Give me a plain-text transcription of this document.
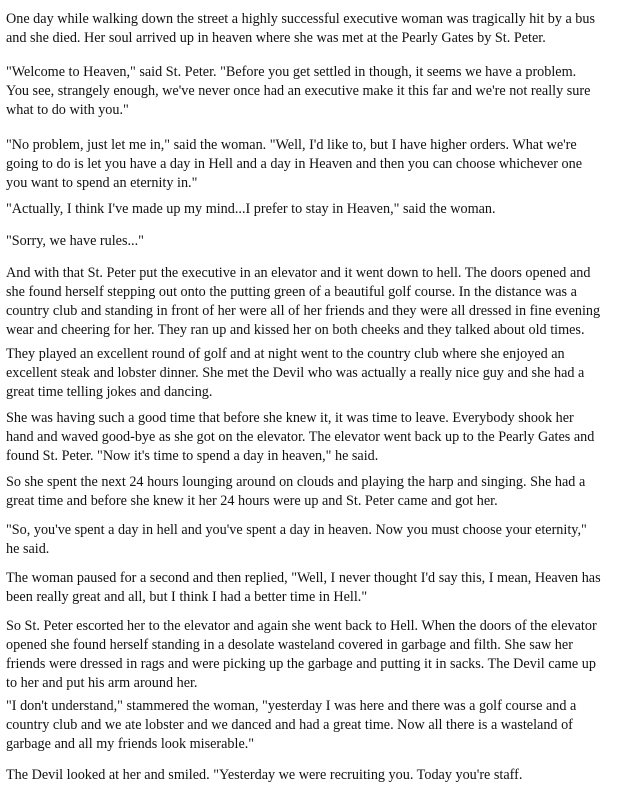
One day while walking down the street a highly successful executive woman was tragically hit by a bus
and she died. Her soul arrived up in heaven where she was met at the Pearly Gates by St. Peter.

"Welcome to Heaven," said St. Peter. "Before you get settled in though, it seems we have a problem.
You see, strangely enough, we've never once had an executive make it this far and we're not really sure
what to do with you."

"No problem, just let me in," said the woman. "Well, I'd like to, but I have higher orders. What we're
going to do is let you have a day in Hell and a day in Heaven and then you can choose whichever one
you want to spend an eternity in."

"Actually, I think I've made up my mind...I prefer to stay in Heaven," said the woman.

"Sorry, we have rules..."

And with that St. Peter put the executive in an elevator and it went down to hell. The doors opened and
she found herself stepping out onto the putting green of a beautiful golf course. In the distance was a
country club and standing in front of her were all of her friends and they were all dressed in fine evening
wear and cheering for her. They ran up and kissed her on both cheeks and they talked about old times.

They played an excellent round of golf and at night went to the country club where she enjoyed an
excellent steak and lobster dinner. She met the Devil who was actually a really nice guy and she had a
great time telling jokes and dancing.

She was having such a good time that before she knew it, it was time to leave. Everybody shook her
hand and waved good-bye as she got on the elevator. The elevator went back up to the Pearly Gates and
found St. Peter. "Now it's time to spend a day in heaven," he said.

So she spent the next 24 hours lounging around on clouds and playing the harp and singing. She had a
great time and before she knew it her 24 hours were up and St. Peter came and got her.

"So, you've spent a day in hell and you've spent a day in heaven. Now you must choose your eternity,"
he said.

The woman paused for a second and then replied, "Well, I never thought I'd say this, I mean, Heaven has
been really great and all, but I think I had a better time in Hell."

So St. Peter escorted her to the elevator and again she went back to Hell. When the doors of the elevator
opened she found herself standing in a desolate wasteland covered in garbage and filth. She saw her
friends were dressed in rags and were picking up the garbage and putting it in sacks. The Devil came up
to her and put his arm around her.

"I don't understand," stammered the woman, "yesterday I was here and there was a golf course and a
country club and we ate lobster and we danced and had a great time. Now all there is a wasteland of
garbage and all my friends look miserable."

The Devil looked at her and smiled. "Yesterday we were recruiting you. Today you're staff.
